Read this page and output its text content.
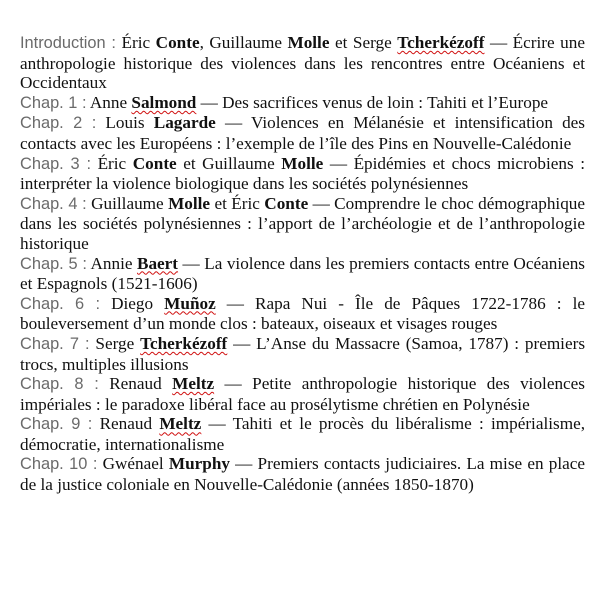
Introduction : Éric Conte, Guillaume Molle et Serge Tcherkézoff — Écrire une anthropologie historique des violences dans les rencontres entre Océaniens et Occidentaux
Chap. 1 : Anne Salmond — Des sacrifices venus de loin : Tahiti et l’Europe
Chap. 2 : Louis Lagarde — Violences en Mélanésie et intensification des contacts avec les Européens : l’exemple de l’île des Pins en Nouvelle-Calédonie
Chap. 3 : Éric Conte et Guillaume Molle — Épidémies et chocs microbiens : interpréter la violence biologique dans les sociétés polynésiennes
Chap. 4 : Guillaume Molle et Éric Conte — Comprendre le choc démographique dans les sociétés polynésiennes : l’apport de l’archéologie et de l’anthropologie historique
Chap. 5 : Annie Baert — La violence dans les premiers contacts entre Océaniens et Espagnols (1521-1606)
Chap. 6 : Diego Muñoz — Rapa Nui - Île de Pâques 1722-1786 : le bouleversement d’un monde clos : bateaux, oiseaux et visages rouges
Chap. 7 : Serge Tcherkézoff — L’Anse du Massacre (Samoa, 1787) : premiers trocs, multiples illusions
Chap. 8 : Renaud Meltz — Petite anthropologie historique des violences impériales : le paradoxe libéral face au prosélytisme chrétien en Polynésie
Chap. 9 : Renaud Meltz — Tahiti et le procès du libéralisme : impérialisme, démocratie, internationalisme
Chap. 10 : Gwénael Murphy — Premiers contacts judiciaires. La mise en place de la justice coloniale en Nouvelle-Calédonie (années 1850-1870)
